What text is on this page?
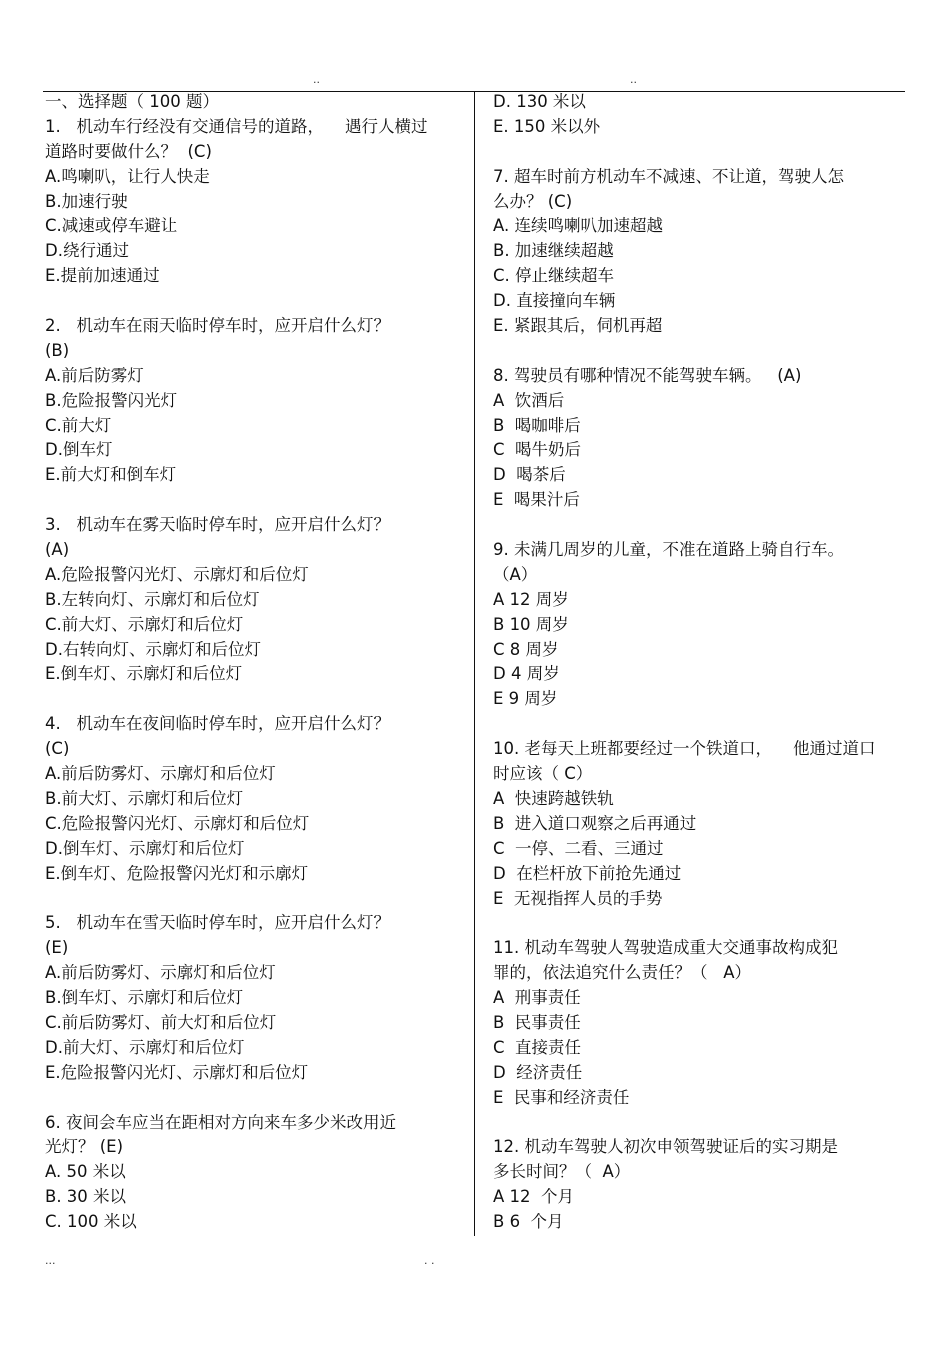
..	..
一、选择题（ 100 题）
1.   机动车行经没有交通信号的道路，    遇行人横过
道路时要做什么？  (C)
A.鸣喇叭，让行人快走
B.加速行驶
C.减速或停车避让
D.绕行通过
E.提前加速通过
2.   机动车在雨天临时停车时，应开启什么灯？
(B)
A.前后防雾灯
B.危险报警闪光灯
C.前大灯
D.倒车灯
E.前大灯和倒车灯
3.   机动车在雾天临时停车时，应开启什么灯？
(A)
A.危险报警闪光灯、示廓灯和后位灯
B.左转向灯、示廓灯和后位灯
C.前大灯、示廓灯和后位灯
D.右转向灯、示廓灯和后位灯
E.倒车灯、示廓灯和后位灯
4.   机动车在夜间临时停车时，应开启什么灯？
(C)
A.前后防雾灯、示廓灯和后位灯
B.前大灯、示廓灯和后位灯
C.危险报警闪光灯、示廓灯和后位灯
D.倒车灯、示廓灯和后位灯
E.倒车灯、危险报警闪光灯和示廓灯
5.   机动车在雪天临时停车时，应开启什么灯？
(E)
A.前后防雾灯、示廓灯和后位灯
B.倒车灯、示廓灯和后位灯
C.前后防雾灯、前大灯和后位灯
D.前大灯、示廓灯和后位灯
E.危险报警闪光灯、示廓灯和后位灯
6. 夜间会车应当在距相对方向来车多少米改用近
光灯？ (E)
A. 50 米以
B. 30 米以
C. 100 米以
D. 130 米以
E. 150 米以外
7. 超车时前方机动车不减速、不让道，驾驶人怎
么办？ (C)
A. 连续鸣喇叭加速超越
B. 加速继续超越
C. 停止继续超车
D. 直接撞向车辆
E. 紧跟其后，伺机再超
8. 驾驶员有哪种情况不能驾驶车辆。   (A)
A  饮酒后
B  喝咖啡后
C  喝牛奶后
D  喝茶后
E  喝果汁后
9. 未满几周岁的儿童，不准在道路上骑自行车。
（A）
A 12 周岁
B 10 周岁
C 8 周岁
D 4 周岁
E 9 周岁
10. 老每天上班都要经过一个铁道口，    他通过道口
时应该（ C）
A  快速跨越铁轨
B  进入道口观察之后再通过
C  一停、二看、三通过
D  在栏杆放下前抢先通过
E  无视指挥人员的手势
11. 机动车驾驶人驾驶造成重大交通事故构成犯
罪的，依法追究什么责任？（   A）
A  刑事责任
B  民事责任
C  直接责任
D  经济责任
E  民事和经济责任
12. 机动车驾驶人初次申领驾驶证后的实习期是
多长时间？（  A）
A 12  个月
B 6  个月
...	. .
